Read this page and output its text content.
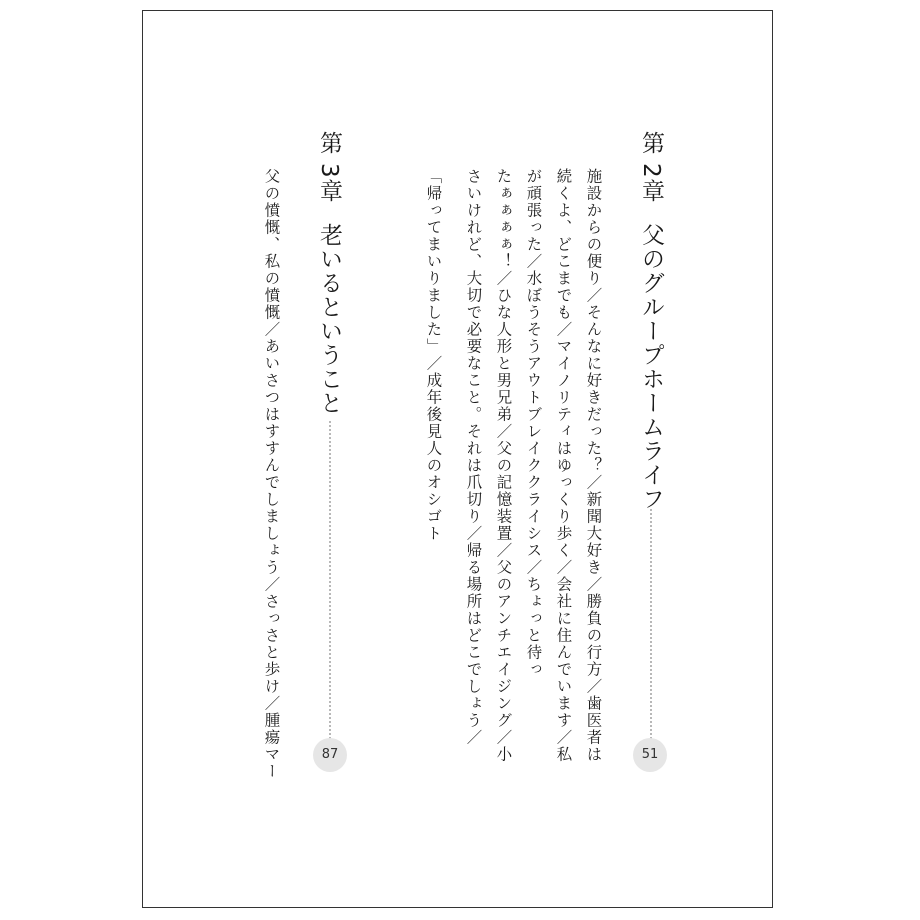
第2章父のグループホームライフ
51
施設からの便り／そんなに好きだった？／新聞大好き／勝負の行方／歯医者は
続くよ、どこまでも／マイノリティはゆっくり歩く／会社に住んでいます／私
が頑張った／水ぼうそうアウトブレイククライシス／ちょっと待っ
たぁぁぁぁ！／ひな人形と男兄弟／父の記憶装置／父のアンチエイジング／小
さいけれど、大切で必要なこと。それは爪切り／帰る場所はどこでしょう／
「帰ってまいりました」／成年後見人のオシゴト
第3章老いるということ
87
父の憤慨、私の憤慨／あいさつはすすんでしましょう／さっさと歩け／腫瘍マー
